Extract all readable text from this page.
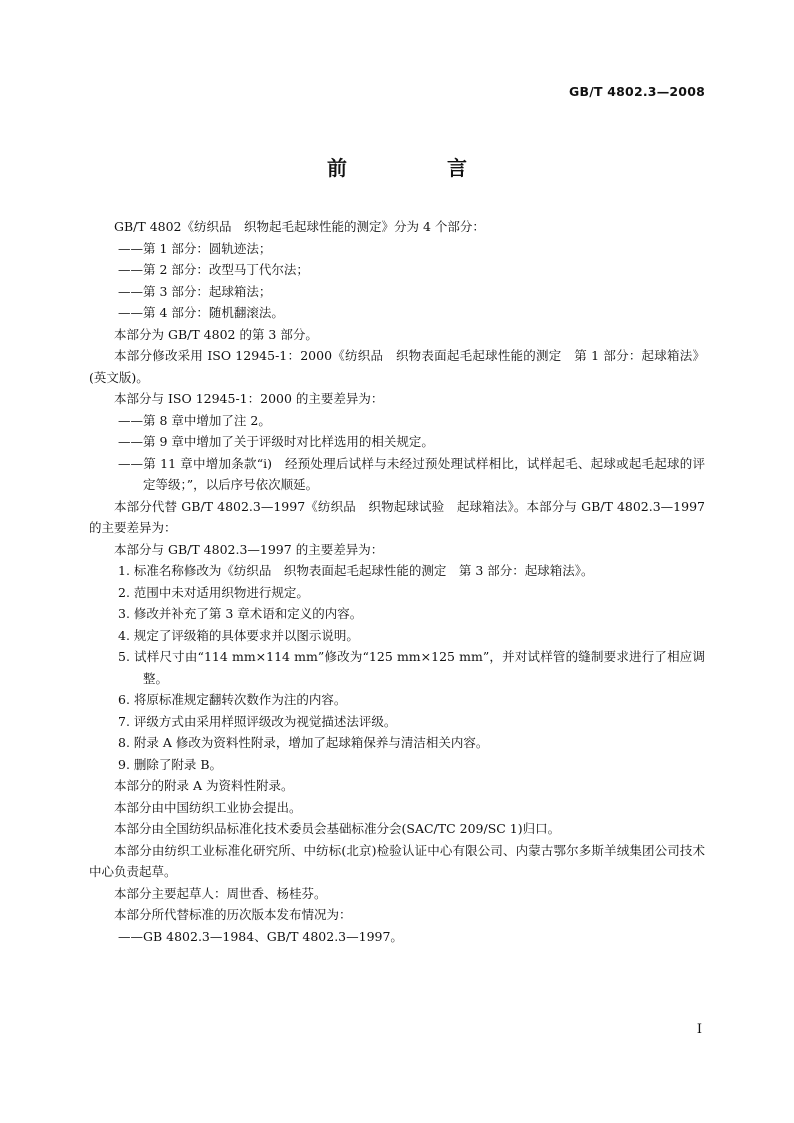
GB/T 4802.3—2008
前　言

GB/T 4802《纺织品　织物起毛起球性能的测定》分为 4 个部分：

——第 1 部分：圆轨迹法；

——第 2 部分：改型马丁代尔法；

——第 3 部分：起球箱法；

——第 4 部分：随机翻滚法。

本部分为 GB/T 4802 的第 3 部分。

本部分修改采用 ISO 12945-1：2000《纺织品　织物表面起毛起球性能的测定　第 1 部分：起球箱法》(英文版)。

本部分与 ISO 12945-1：2000 的主要差异为：

——第 8 章中增加了注 2。

——第 9 章中增加了关于评级时对比样选用的相关规定。

——第 11 章中增加条款“i)　经预处理后试样与未经过预处理试样相比，试样起毛、起球或起毛起球的评定等级；”，以后序号依次顺延。

本部分代替 GB/T 4802.3—1997《纺织品　织物起球试验　起球箱法》。本部分与 GB/T 4802.3—1997 的主要差异为：

本部分与 GB/T 4802.3—1997 的主要差异为：

1. 标准名称修改为《纺织品　织物表面起毛起球性能的测定　第 3 部分：起球箱法》。

2. 范围中未对适用织物进行规定。

3. 修改并补充了第 3 章术语和定义的内容。

4. 规定了评级箱的具体要求并以图示说明。

5. 试样尺寸由“114 mm×114 mm”修改为“125 mm×125 mm”，并对试样管的缝制要求进行了相应调整。

6. 将原标准规定翻转次数作为注的内容。

7. 评级方式由采用样照评级改为视觉描述法评级。

8. 附录 A 修改为资料性附录，增加了起球箱保养与清洁相关内容。

9. 删除了附录 B。

本部分的附录 A 为资料性附录。

本部分由中国纺织工业协会提出。

本部分由全国纺织品标准化技术委员会基础标准分会(SAC/TC 209/SC 1)归口。

本部分由纺织工业标准化研究所、中纺标(北京)检验认证中心有限公司、内蒙古鄂尔多斯羊绒集团公司技术中心负责起草。

本部分主要起草人：周世香、杨桂芬。

本部分所代替标准的历次版本发布情况为：

——GB 4802.3—1984、GB/T 4802.3—1997。

I
